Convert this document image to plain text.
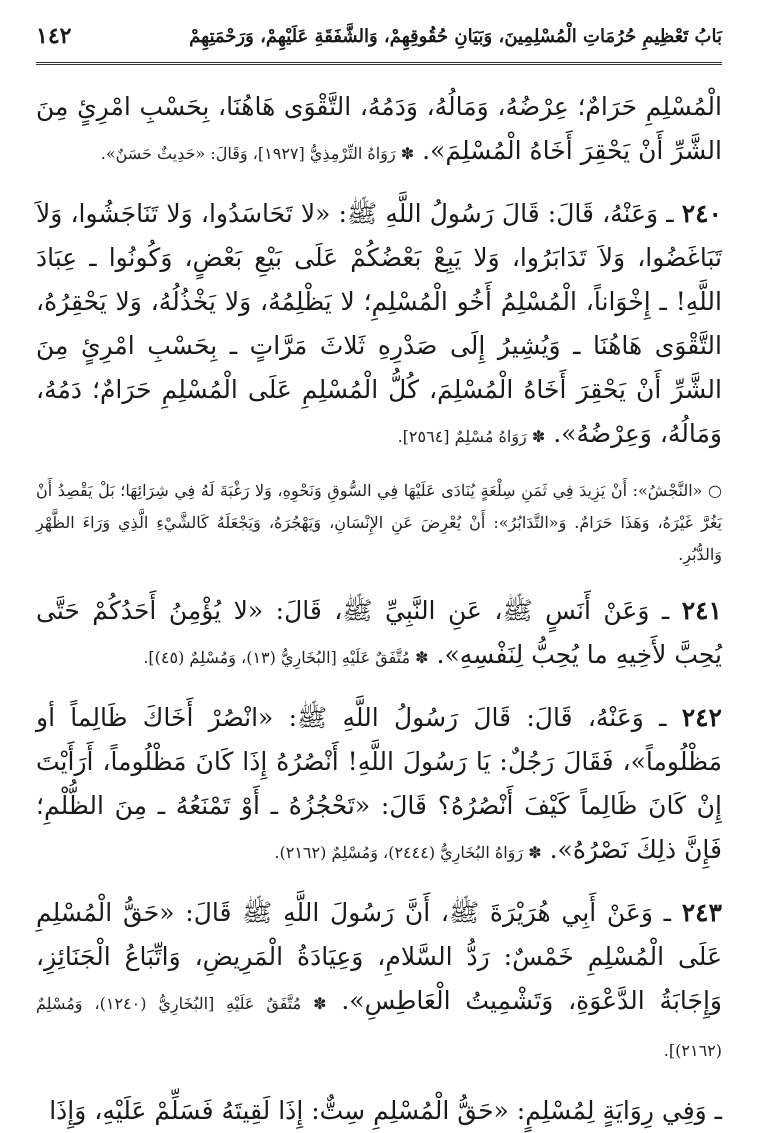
بَابُ تَعْظِيمِ حُرُمَاتِ الْمُسْلِمِينَ، وَبَيَانِ حُقُوقِهِمْ، وَالشَّفَقَةِ عَلَيْهِمْ، وَرَحْمَتِهِمْ
١٤٢

الْمُسْلِمِ حَرَامٌ؛ عِرْضُهُ، وَمَالُهُ، وَدَمُهُ، التَّقْوَى هَاهُنَا، بِحَسْبِ امْرِئٍ مِنَ الشَّرِّ أَنْ يَحْقِرَ أَخَاهُ الْمُسْلِمَ». ✽ رَوَاهُ التِّرْمِذِيُّ [١٩٢٧]، وَقَالَ: «حَدِيثٌ حَسَنٌ».

٢٤٠ ـ وَعَنْهُ، قَالَ: قَالَ رَسُولُ اللَّهِ ﷺ: «لا تَحَاسَدُوا، وَلا تَنَاجَشُوا، وَلاَ تَبَاغَضُوا، وَلاَ تَدَابَرُوا، وَلا يَبِعْ بَعْضُكُمْ عَلَى بَيْعِ بَعْضٍ، وَكُونُوا ـ عِبَادَ اللَّهِ! ـ إِخْوَاناً، الْمُسْلِمُ أَخُو الْمُسْلِمِ؛ لا يَظْلِمُهُ، وَلا يَخْذُلُهُ، وَلا يَحْقِرُهُ، التَّقْوَى هَاهُنَا ـ وَيُشِيرُ إِلَى صَدْرِهِ ثَلاثَ مَرَّاتٍ ـ بِحَسْبِ امْرِئٍ مِنَ الشَّرِّ أَنْ يَحْقِرَ أَخَاهُ الْمُسْلِمَ، كُلُّ الْمُسْلِمِ عَلَى الْمُسْلِمِ حَرَامٌ؛ دَمُهُ، وَمَالُهُ، وَعِرْضُهُ». ✽ رَوَاهُ مُسْلِمٌ [٢٥٦٤].

○ «النَّجْشُ»: أَنْ يَزِيدَ فِي ثَمَنِ سِلْعَةٍ يُنَادَى عَلَيْهَا فِي السُّوقِ وَنَحْوِهِ، وَلا رَغْبَةَ لَهُ فِي شِرَائِهَا؛ بَلْ يَقْصِدُ أَنْ يَغُرَّ غَيْرَهُ، وَهَذَا حَرَامٌ. وَ«التَّدَابُرُ»: أَنْ يُعْرِضَ عَنِ الإِنْسَانِ، وَيَهْجُرَهُ، وَيَجْعَلَهُ كَالشَّيْءِ الَّذِي وَرَاءَ الظَّهْرِ وَالدُّبُرِ.

٢٤١ ـ وَعَنْ أَنَسٍ ﷺ، عَنِ النَّبِيِّ ﷺ، قَالَ: «لا يُؤْمِنُ أَحَدُكُمْ حَتَّى يُحِبَّ لأَخِيهِ ما يُحِبُّ لِنَفْسِهِ». ✽ مُتَّفَقٌ عَلَيْهِ [البُخَارِيُّ (١٣)، وَمُسْلِمٌ (٤٥)].

٢٤٢ ـ وَعَنْهُ، قَالَ: قَالَ رَسُولُ اللَّهِ ﷺ: «انْصُرْ أَخَاكَ ظَالِماً أو مَظْلُوماً»، فَقَالَ رَجُلٌ: يَا رَسُولَ اللَّهِ! أَنْصُرُهُ إِذَا كَانَ مَظْلُوماً، أَرَأَيْتَ إِنْ كَانَ ظَالِماً كَيْفَ أَنْصُرُهُ؟ قَالَ: «تَحْجُزُهُ ـ أَوْ تَمْنَعُهُ ـ مِنَ الظُّلْمِ؛ فَإِنَّ ذلِكَ نَصْرُهُ». ✽ رَوَاهُ البُخَارِيُّ (٢٤٤٤)، وَمُسْلِمٌ (٢١٦٢).

٢٤٣ ـ وَعَنْ أَبِي هُرَيْرَةَ ﷺ، أَنَّ رَسُولَ اللَّهِ ﷺ قَالَ: «حَقُّ الْمُسْلِمِ عَلَى الْمُسْلِمِ خَمْسٌ: رَدُّ السَّلامِ، وَعِيَادَةُ الْمَرِيضِ، وَاتِّبَاعُ الْجَنَائِزِ، وَإِجَابَةُ الدَّعْوَةِ، وَتَشْمِيتُ الْعَاطِسِ». ✽ مُتَّفَقٌ عَلَيْهِ [البُخَارِيُّ (١٢٤٠)، وَمُسْلِمٌ (٢١٦٢)].

ـ وَفِي رِوَايَةٍ لِمُسْلِمٍ: «حَقُّ الْمُسْلِمِ سِتٌّ: إِذَا لَقِيتَهُ فَسَلِّمْ عَلَيْهِ، وَإِذَا
